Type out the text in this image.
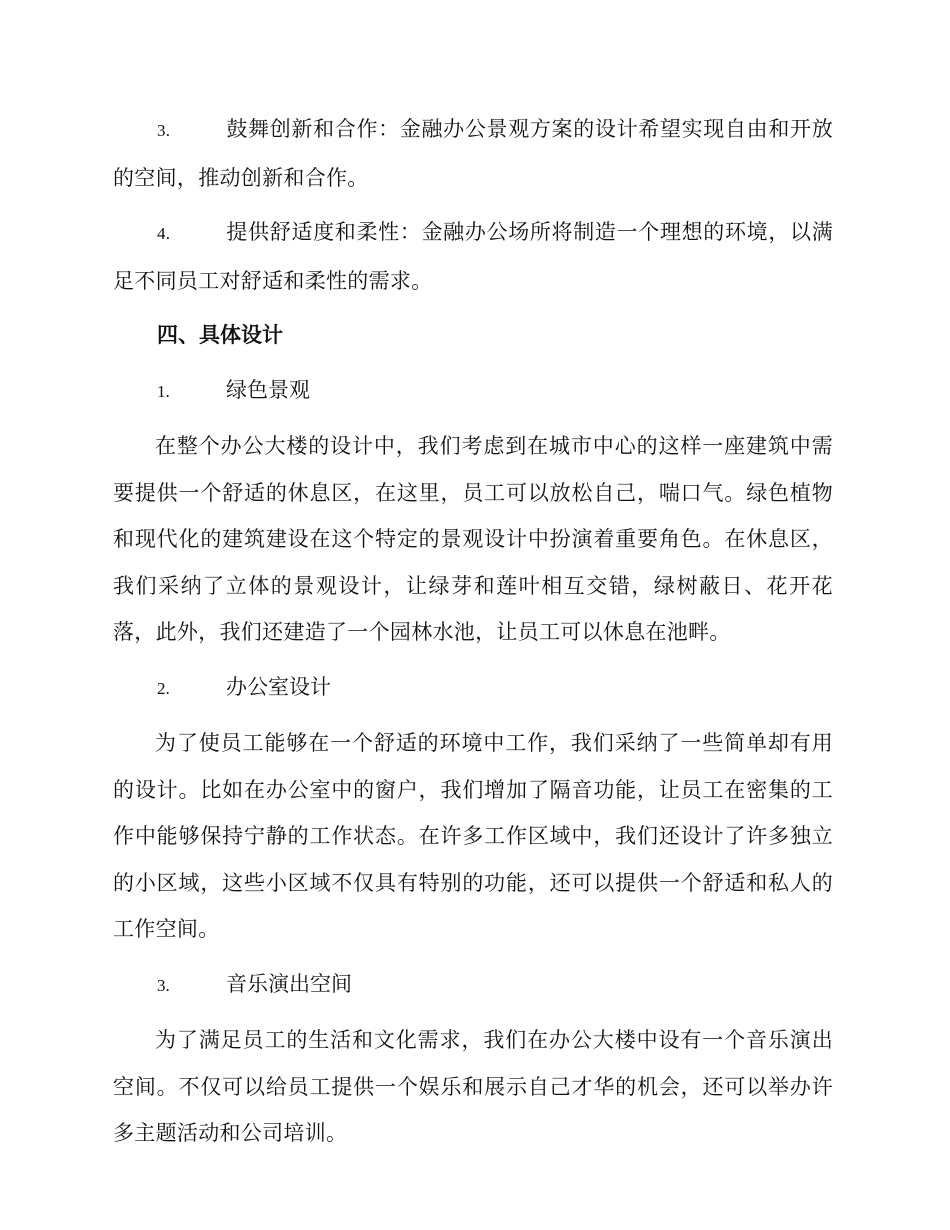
3.	鼓舞创新和合作：金融办公景观方案的设计希望实现自由和开放的空间，推动创新和合作。

4.	提供舒适度和柔性：金融办公场所将制造一个理想的环境，以满足不同员工对舒适和柔性的需求。

四、具体设计

1.	绿色景观

在整个办公大楼的设计中，我们考虑到在城市中心的这样一座建筑中需要提供一个舒适的休息区，在这里，员工可以放松自己，喘口气。绿色植物和现代化的建筑建设在这个特定的景观设计中扮演着重要角色。在休息区，我们采纳了立体的景观设计，让绿芽和莲叶相互交错，绿树蔽日、花开花落，此外，我们还建造了一个园林水池，让员工可以休息在池畔。

2.	办公室设计

为了使员工能够在一个舒适的环境中工作，我们采纳了一些简单却有用的设计。比如在办公室中的窗户，我们增加了隔音功能，让员工在密集的工作中能够保持宁静的工作状态。在许多工作区域中，我们还设计了许多独立的小区域，这些小区域不仅具有特别的功能，还可以提供一个舒适和私人的工作空间。

3.	音乐演出空间

为了满足员工的生活和文化需求，我们在办公大楼中设有一个音乐演出空间。不仅可以给员工提供一个娱乐和展示自己才华的机会，还可以举办许多主题活动和公司培训。
